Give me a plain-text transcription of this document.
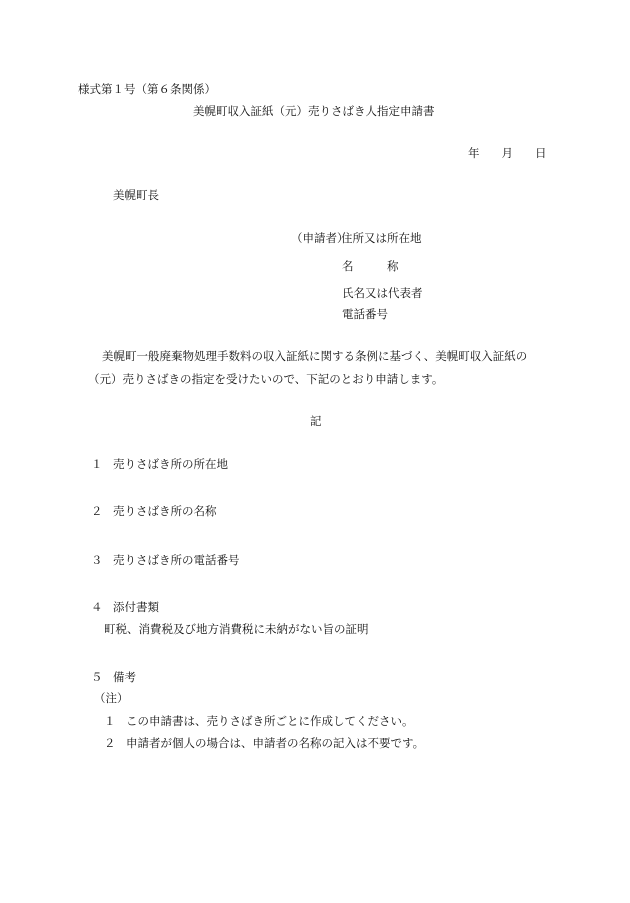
様式第１号（第６条関係）
美幌町収入証紙（元）売りさばき人指定申請書
年 月 日
美幌町長
（申請者）住所又は所在地
名　称
氏名又は代表者
電話番号
美幌町一般廃棄物処理手数料の収入証紙に関する条例に基づく、美幌町収入証紙の
（元）売りさばきの指定を受けたいので、下記のとおり申請します。
記
１ 売りさばき所の所在地
２ 売りさばき所の名称
３ 売りさばき所の電話番号
４ 添付書類
町税、消費税及び地方消費税に未納がない旨の証明
５ 備考
（注）
１ この申請書は、売りさばき所ごとに作成してください。
２ 申請者が個人の場合は、申請者の名称の記入は不要です。
